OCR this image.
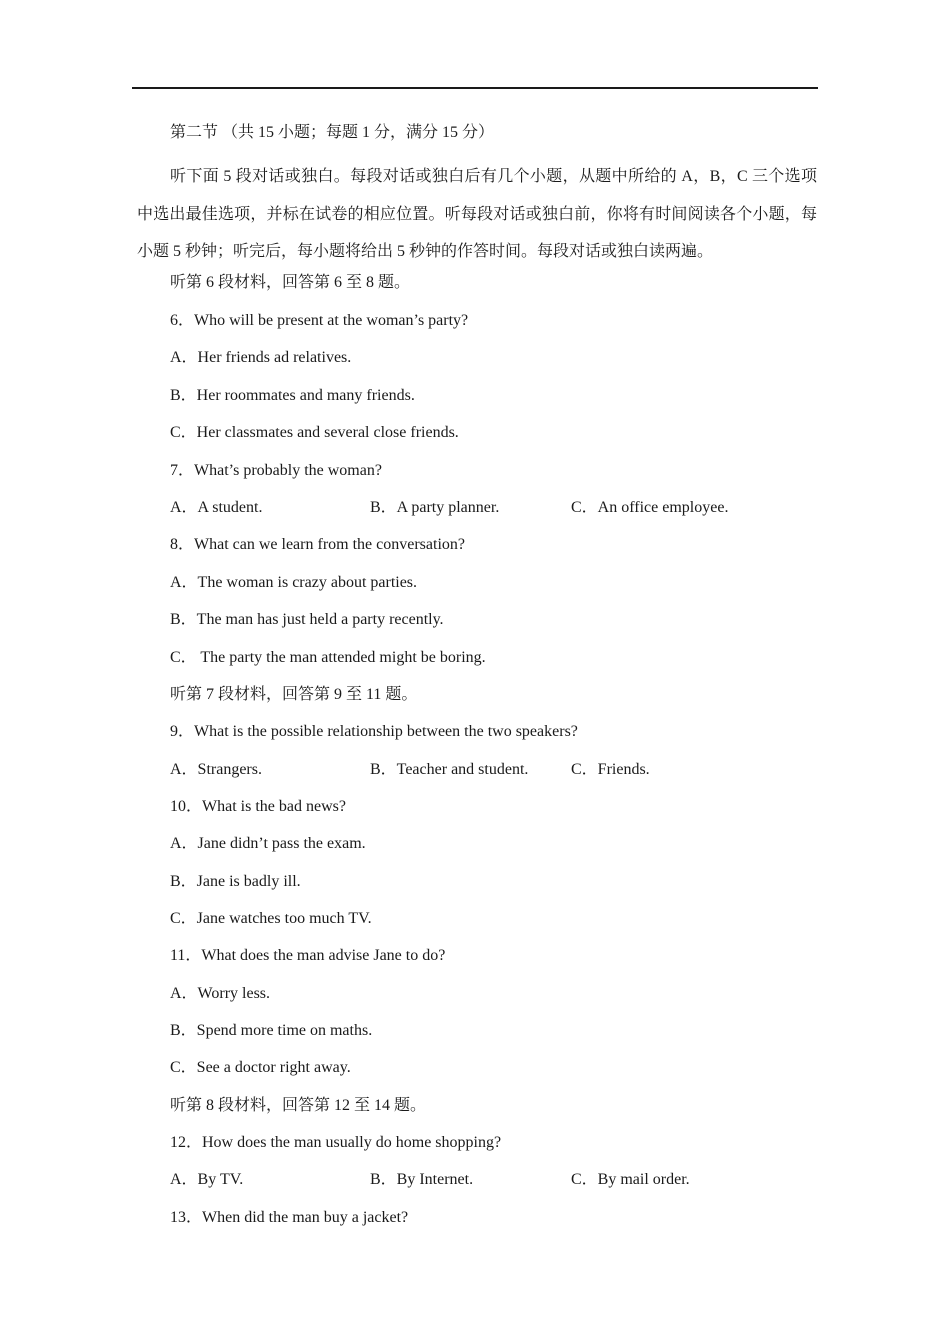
第二节 （共 15 小题；每题 1 分，满分 15 分）
听下面 5 段对话或独白。每段对话或独白后有几个小题，从题中所给的 A，B，C 三个选项中选出最佳选项，并标在试卷的相应位置。听每段对话或独白前，你将有时间阅读各个小题，每小题 5 秒钟；听完后，每小题将给出 5 秒钟的作答时间。每段对话或独白读两遍。
听第 6 段材料，回答第 6 至 8 题。
6．Who will be present at the woman’s party?
A．Her friends ad relatives.
B．Her roommates and many friends.
C．Her classmates and several close friends.
7．What’s probably the woman?
A．A student.	B．A party planner.	C．An office employee.
8．What can we learn from the conversation?
A．The woman is crazy about parties.
B．The man has just held a party recently.
C． The party the man attended might be boring.
听第 7 段材料，回答第 9 至 11 题。
9．What is the possible relationship between the two speakers?
A．Strangers.	B．Teacher and student.	C．Friends.
10．What is the bad news?
A．Jane didn’t pass the exam.
B．Jane is badly ill.
C．Jane watches too much TV.
11．What does the man advise Jane to do?
A．Worry less.
B．Spend more time on maths.
C．See a doctor right away.
听第 8 段材料，回答第 12 至 14 题。
12．How does the man usually do home shopping?
A．By TV.	B．By Internet.	C．By mail order.
13．When did the man buy a jacket?
